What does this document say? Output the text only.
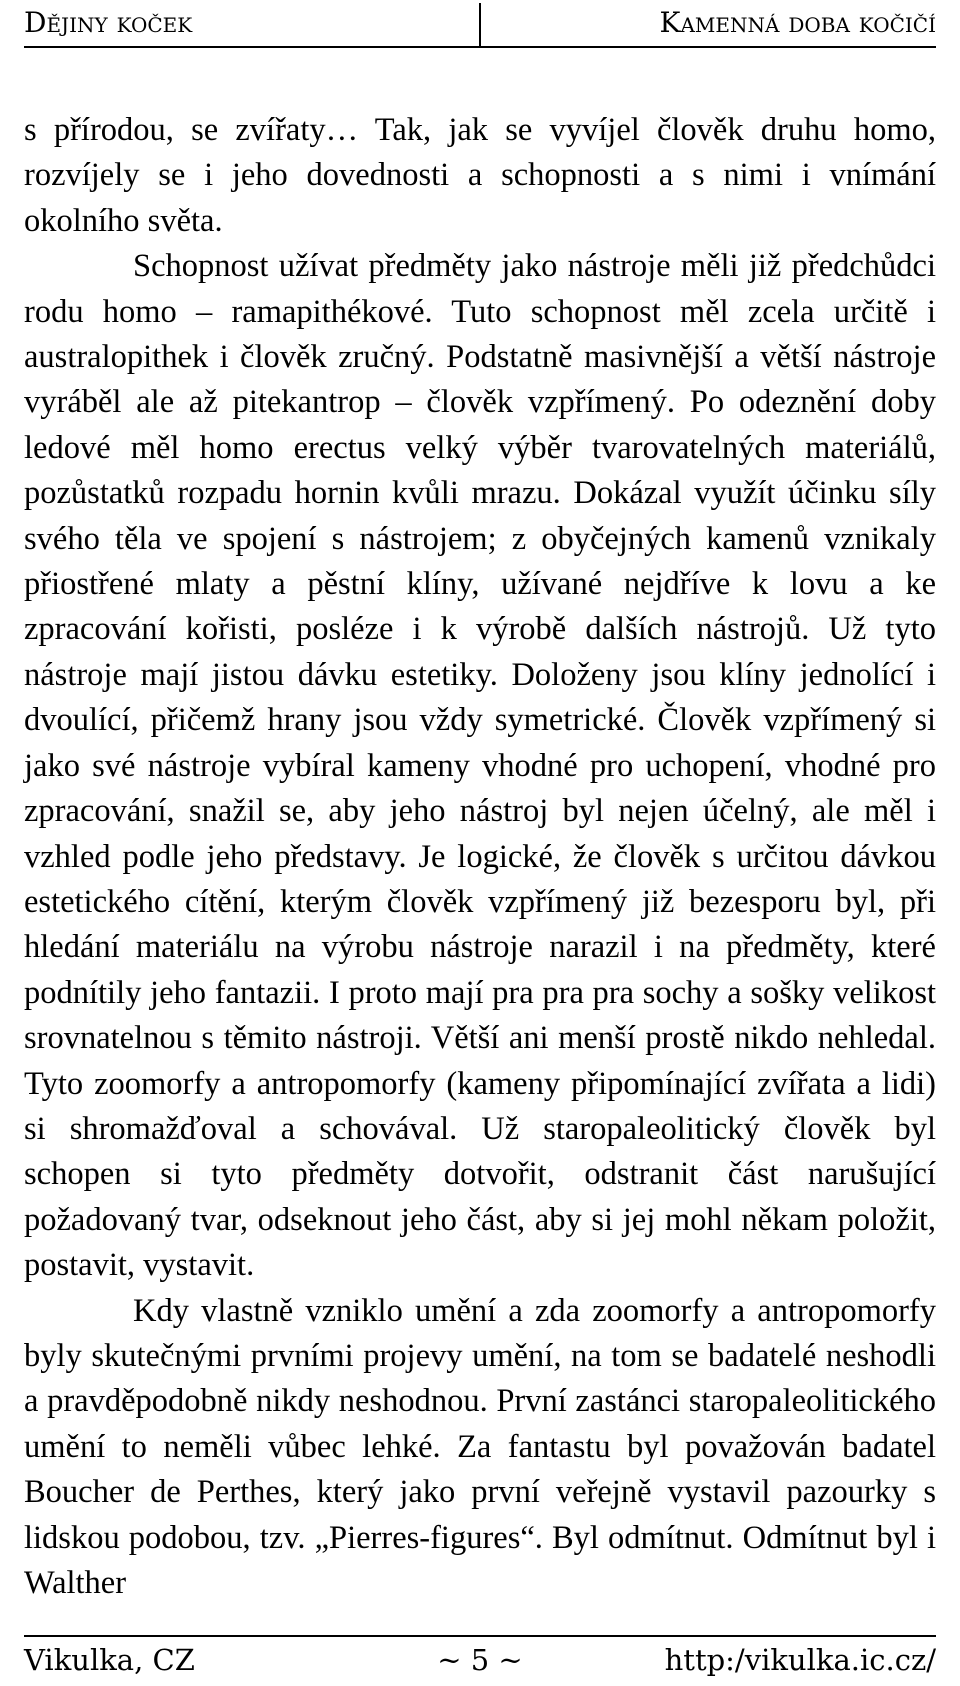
Dějiny koček	Kamenná doba kočičí

s přírodou, se zvířaty… Tak, jak se vyvíjel člověk druhu homo, rozvíjely se i jeho dovednosti a schopnosti a s nimi i vnímání okolního světa.

Schopnost užívat předměty jako nástroje měli již předchůdci rodu homo – ramapithékové. Tuto schopnost měl zcela určitě i australopithek i člověk zručný. Podstatně masivnější a větší nástroje vyráběl ale až pitekantrop – člověk vzpřímený. Po odeznění doby ledové měl homo erectus velký výběr tvarovatelných materiálů, pozůstatků rozpadu hornin kvůli mrazu. Dokázal využít účinku síly svého těla ve spojení s nástrojem; z obyčejných kamenů vznikaly přiostřené mlaty a pěstní klíny, užívané nejdříve k lovu a ke zpracování kořisti, posléze i k výrobě dalších nástrojů. Už tyto nástroje mají jistou dávku estetiky. Doloženy jsou klíny jednolící i dvoulící, přičemž hrany jsou vždy symetrické. Člověk vzpřímený si jako své nástroje vybíral kameny vhodné pro uchopení, vhodné pro zpracování, snažil se, aby jeho nástroj byl nejen účelný, ale měl i vzhled podle jeho představy. Je logické, že člověk s určitou dávkou estetického cítění, kterým člověk vzpřímený již bezesporu byl, při hledání materiálu na výrobu nástroje narazil i na předměty, které podnítily jeho fantazii. I proto mají pra pra pra sochy a sošky velikost srovnatelnou s těmito nástroji. Větší ani menší prostě nikdo nehledal. Tyto zoomorfy a antropomorfy (kameny připomínající zvířata a lidi) si shromažďoval a schovával. Už staropaleolitický člověk byl schopen si tyto předměty dotvořit, odstranit část narušující požadovaný tvar, odseknout jeho část, aby si jej mohl někam položit, postavit, vystavit.

Kdy vlastně vzniklo umění a zda zoomorfy a antropomorfy byly skutečnými prvními projevy umění, na tom se badatelé neshodli a pravděpodobně nikdy neshodnou. První zastánci staropaleolitického umění to neměli vůbec lehké. Za fantastu byl považován badatel Boucher de Perthes, který jako první veřejně vystavil pazourky s lidskou podobou, tzv. „Pierres-figures“. Byl odmítnut. Odmítnut byl i Walther

Vikulka, CZ	~ 5 ~	http:/vikulka.ic.cz/
